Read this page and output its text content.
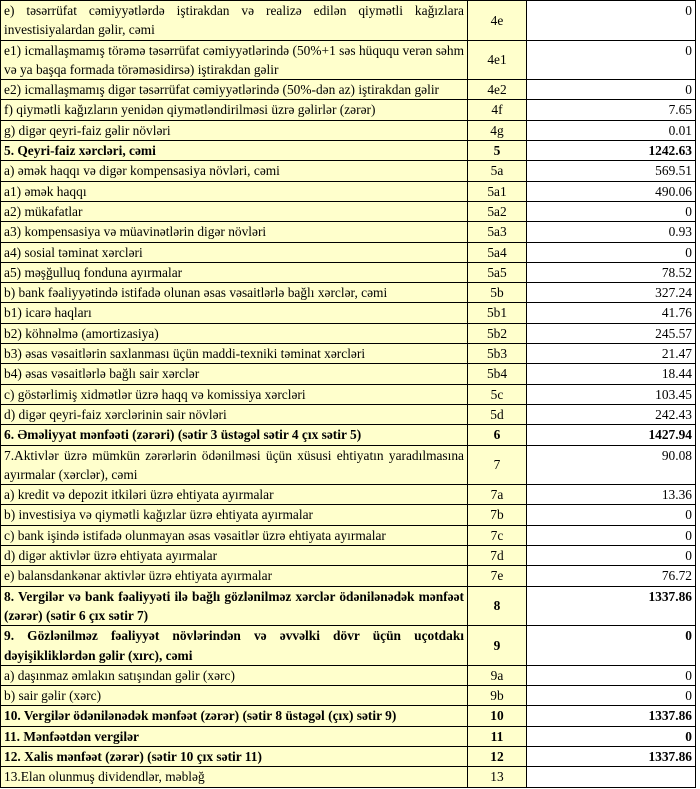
e) təsərrüfat cəmiyyətlərdə iştirakdan və realizə edilən qiymətli kağızlara investisiyalardan gəlir, cəmi	4e	0
e1) icmallaşmamış törəmə təsərrüfat cəmiyyətlərində (50%+1 səs hüququ verən səhm və ya başqa formada törəməsidirsə) iştirakdan gəlir	4e1	0
e2) icmallaşmamış digər təsərrüfat cəmiyyətlərində (50%-dən az) iştirakdan gəlir	4e2	0
f) qiymətli kağızların yenidən qiymətləndirilməsi üzrə gəlirlər (zərər)	4f	7.65
g) digər qeyri-faiz gəlir növləri	4g	0.01
5. Qeyri-faiz xərcləri, cəmi	5	1242.63
a) əmək haqqı və digər kompensasiya növləri, cəmi	5a	569.51
a1) əmək haqqı	5a1	490.06
a2) mükafatlar	5a2	0
a3) kompensasiya və müavinətlərin digər növləri	5a3	0.93
a4) sosial təminat xərcləri	5a4	0
a5) məşğulluq fonduna ayırmalar	5a5	78.52
b) bank fəaliyyətində istifadə olunan əsas vəsaitlərlə bağlı xərclər, cəmi	5b	327.24
b1) icarə haqları	5b1	41.76
b2) köhnəlmə (amortizasiya)	5b2	245.57
b3) əsas vəsaitlərin saxlanması üçün maddi-texniki təminat xərcləri	5b3	21.47
b4) əsas vəsaitlərlə bağlı sair xərclər	5b4	18.44
c) göstərlimiş xidmətlər üzrə haqq və komissiya xərcləri	5c	103.45
d) digər qeyri-faiz xərclərinin sair növləri	5d	242.43
6. Əməliyyat mənfəəti (zərəri) (sətir 3 üstəgəl sətir 4 çıx sətir 5)	6	1427.94
7.Aktivlər üzrə mümkün zərərlərin ödənilməsi üçün xüsusi ehtiyatın yaradılmasına ayırmalar (xərclər), cəmi	7	90.08
a) kredit və depozit itkiləri üzrə ehtiyata ayırmalar	7a	13.36
b) investisiya və qiymətli kağızlar üzrə ehtiyata ayırmalar	7b	0
c) bank işində istifadə olunmayan əsas vəsaitlər üzrə ehtiyata ayırmalar	7c	0
d) digər aktivlər üzrə ehtiyata ayırmalar	7d	0
e) balansdankənar aktivlər üzrə ehtiyata ayırmalar	7e	76.72
8. Vergilər və bank fəaliyyəti ilə bağlı gözlənilməz xərclər ödənilənədək mənfəət (zərər) (sətir 6 çıx sətir 7)	8	1337.86
9. Gözlənilməz fəaliyyət növlərindən və əvvəlki dövr üçün uçotdakı dəyişikliklərdən gəlir (xırc), cəmi	9	0
a) daşınmaz əmlakın satışından gəlir (xərc)	9a	0
b) sair gəlir (xərc)	9b	0
10. Vergilər ödənilənədək mənfəət (zərər) (sətir 8 üstəgəl (çıx) sətir 9)	10	1337.86
11. Mənfəətdən vergilər	11	0
12. Xalis mənfəət (zərər) (sətir 10 çıx sətir 11)	12	1337.86
13.Elan olunmuş dividendlər, məbləğ	13	
